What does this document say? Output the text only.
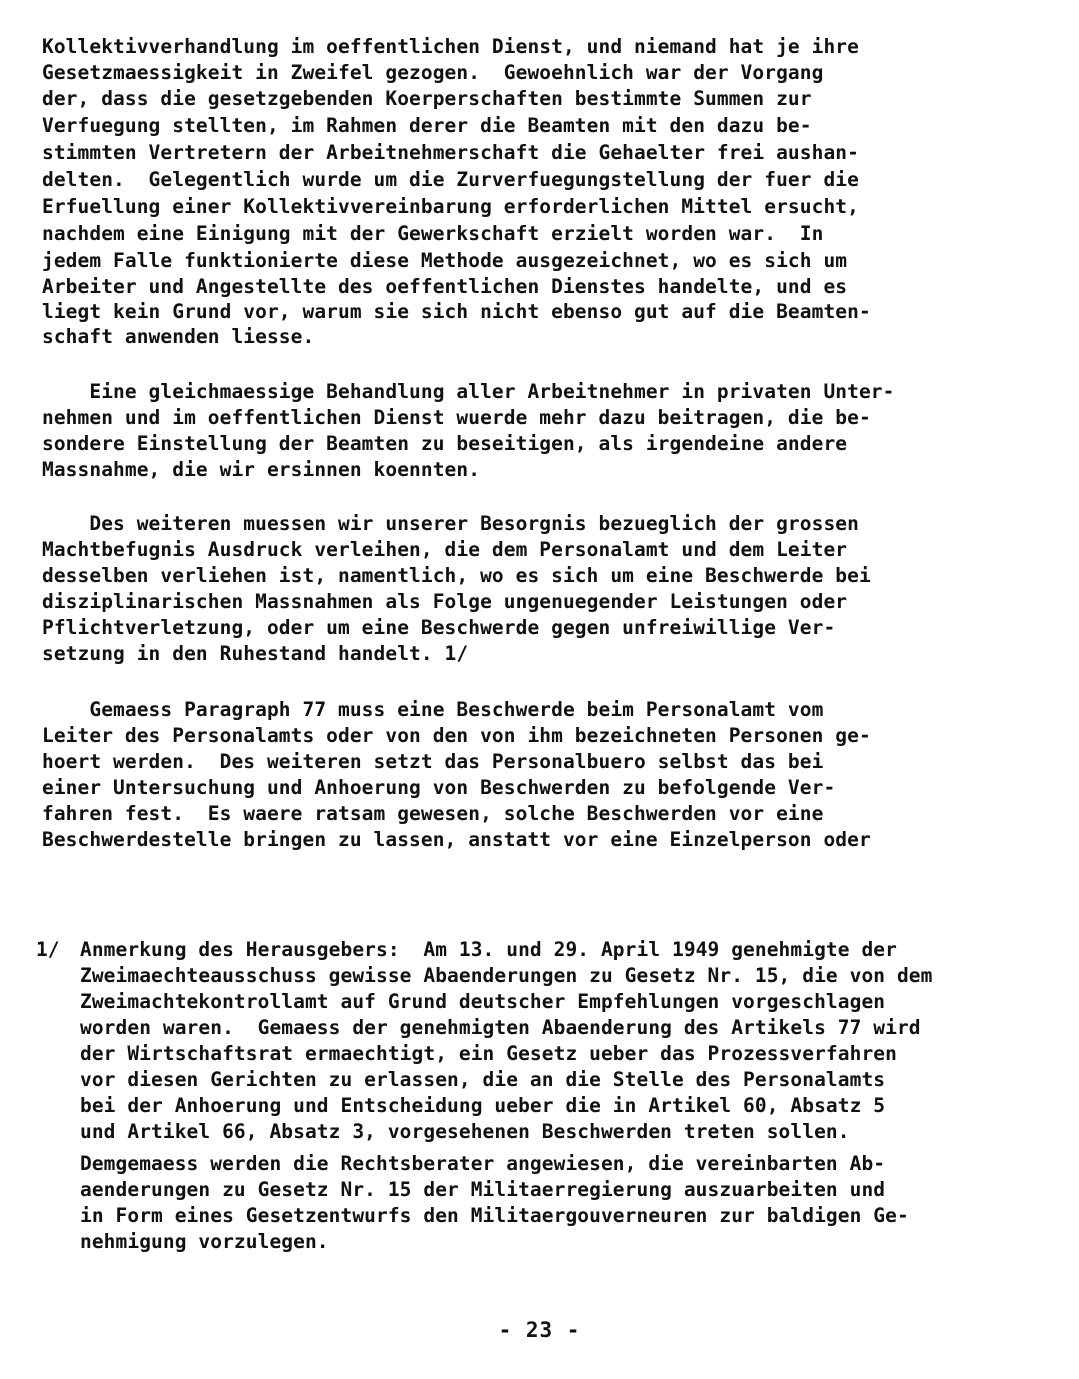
Kollektivverhandlung im oeffentlichen Dienst, und niemand hat je ihre
Gesetzmaessigkeit in Zweifel gezogen.  Gewoehnlich war der Vorgang
der, dass die gesetzgebenden Koerperschaften bestimmte Summen zur
Verfuegung stellten, im Rahmen derer die Beamten mit den dazu be-
stimmten Vertretern der Arbeitnehmerschaft die Gehaelter frei aushan-
delten.  Gelegentlich wurde um die Zurverfuegungstellung der fuer die
Erfuellung einer Kollektivvereinbarung erforderlichen Mittel ersucht,
nachdem eine Einigung mit der Gewerkschaft erzielt worden war.  In
jedem Falle funktionierte diese Methode ausgezeichnet, wo es sich um
Arbeiter und Angestellte des oeffentlichen Dienstes handelte, und es
liegt kein Grund vor, warum sie sich nicht ebenso gut auf die Beamten-
schaft anwenden liesse.
Eine gleichmaessige Behandlung aller Arbeitnehmer in privaten Unter-
nehmen und im oeffentlichen Dienst wuerde mehr dazu beitragen, die be-
sondere Einstellung der Beamten zu beseitigen, als irgendeine andere
Massnahme, die wir ersinnen koennten.
Des weiteren muessen wir unserer Besorgnis bezueglich der grossen
Machtbefugnis Ausdruck verleihen, die dem Personalamt und dem Leiter
desselben verliehen ist, namentlich, wo es sich um eine Beschwerde bei
disziplinarischen Massnahmen als Folge ungenuegender Leistungen oder
Pflichtverletzung, oder um eine Beschwerde gegen unfreiwillige Ver-
setzung in den Ruhestand handelt. 1/
Gemaess Paragraph 77 muss eine Beschwerde beim Personalamt vom
Leiter des Personalamts oder von den von ihm bezeichneten Personen ge-
hoert werden.  Des weiteren setzt das Personalbuero selbst das bei
einer Untersuchung und Anhoerung von Beschwerden zu befolgende Ver-
fahren fest.  Es waere ratsam gewesen, solche Beschwerden vor eine
Beschwerdestelle bringen zu lassen, anstatt vor eine Einzelperson oder
1/ Anmerkung des Herausgebers:  Am 13. und 29. April 1949 genehmigte der
Zweimaechteausschuss gewisse Abaenderungen zu Gesetz Nr. 15, die von dem
Zweimachtekontrollamt auf Grund deutscher Empfehlungen vorgeschlagen
worden waren.  Gemaess der genehmigten Abaenderung des Artikels 77 wird
der Wirtschaftsrat ermaechtigt, ein Gesetz ueber das Prozessverfahren
vor diesen Gerichten zu erlassen, die an die Stelle des Personalamts
bei der Anhoerung und Entscheidung ueber die in Artikel 60, Absatz 5
und Artikel 66, Absatz 3, vorgesehenen Beschwerden treten sollen.
Demgemaess werden die Rechtsberater angewiesen, die vereinbarten Ab-
aenderungen zu Gesetz Nr. 15 der Militaerregierung auszuarbeiten und
in Form eines Gesetzentwurfs den Militaergouverneuren zur baldigen Ge-
nehmigung vorzulegen.
- 23 -
